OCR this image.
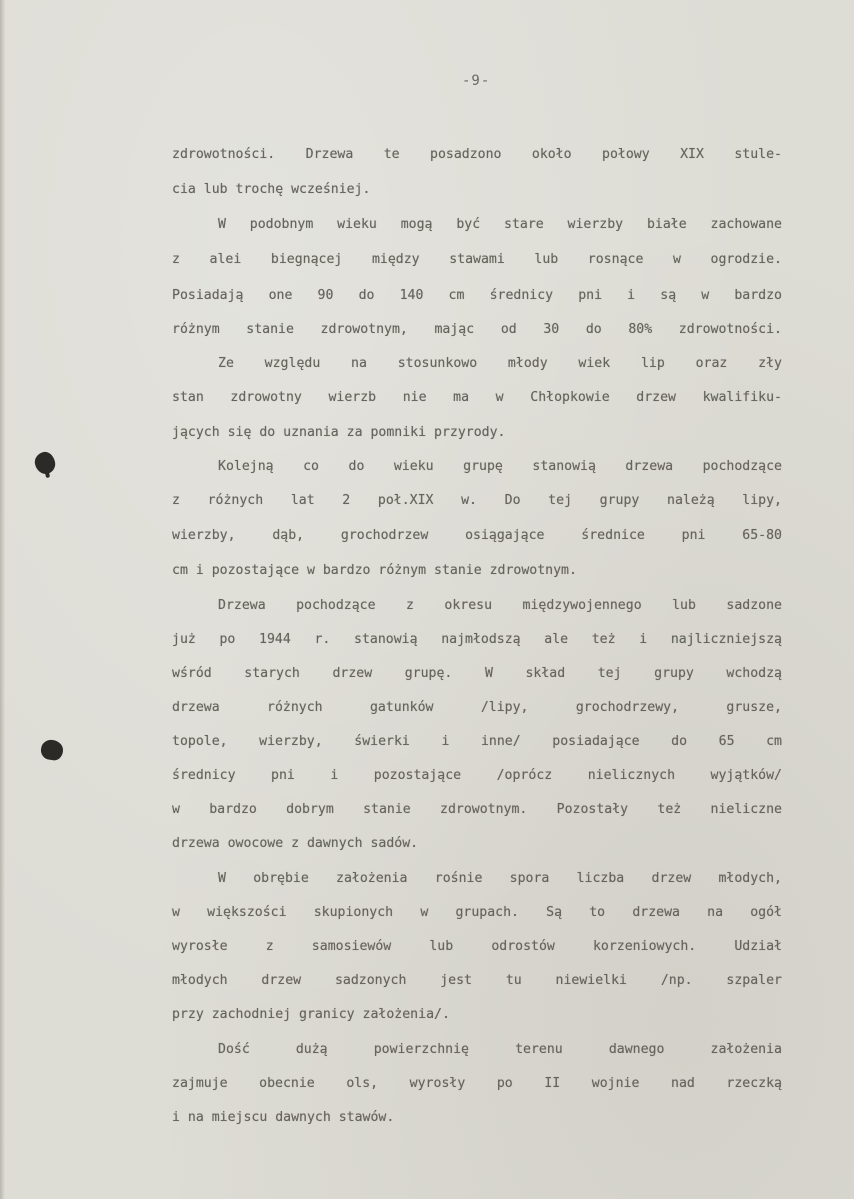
-9-
zdrowotności. Drzewa te posadzono około połowy XIX stule-
cia lub trochę wcześniej.
W podobnym wieku mogą być stare wierzby białe zachowane
z alei biegnącej między stawami lub rosnące w ogrodzie.
Posiadają one 90 do 140 cm średnicy pni i są w bardzo
różnym stanie zdrowotnym, mając od 30 do 80% zdrowotności.
Ze względu na stosunkowo młody wiek lip oraz zły
stan zdrowotny wierzb nie ma w Chłopkowie drzew kwalifiku-
jących się do uznania za pomniki przyrody.
Kolejną co do wieku grupę stanowią drzewa pochodzące
z różnych lat 2 poł.XIX w. Do tej grupy należą lipy,
wierzby, dąb, grochodrzew osiągające średnice pni 65-80
cm i pozostające w bardzo różnym stanie zdrowotnym.
Drzewa pochodzące z okresu międzywojennego lub sadzone
już po 1944 r. stanowią najmłodszą ale też i najliczniejszą
wśród starych drzew grupę. W skład tej grupy wchodzą
drzewa różnych gatunków /lipy, grochodrzewy, grusze,
topole, wierzby, świerki i inne/ posiadające do 65 cm
średnicy pni i pozostające /oprócz nielicznych wyjątków/
w bardzo dobrym stanie zdrowotnym. Pozostały też nieliczne
drzewa owocowe z dawnych sadów.
W obrębie założenia rośnie spora liczba drzew młodych,
w większości skupionych w grupach. Są to drzewa na ogół
wyrosłe z samosiewów lub odrostów korzeniowych. Udział
młodych drzew sadzonych jest tu niewielki /np. szpaler
przy zachodniej granicy założenia/.
Dość dużą powierzchnię terenu dawnego założenia
zajmuje obecnie ols, wyrosły po II wojnie nad rzeczką
i na miejscu dawnych stawów.
